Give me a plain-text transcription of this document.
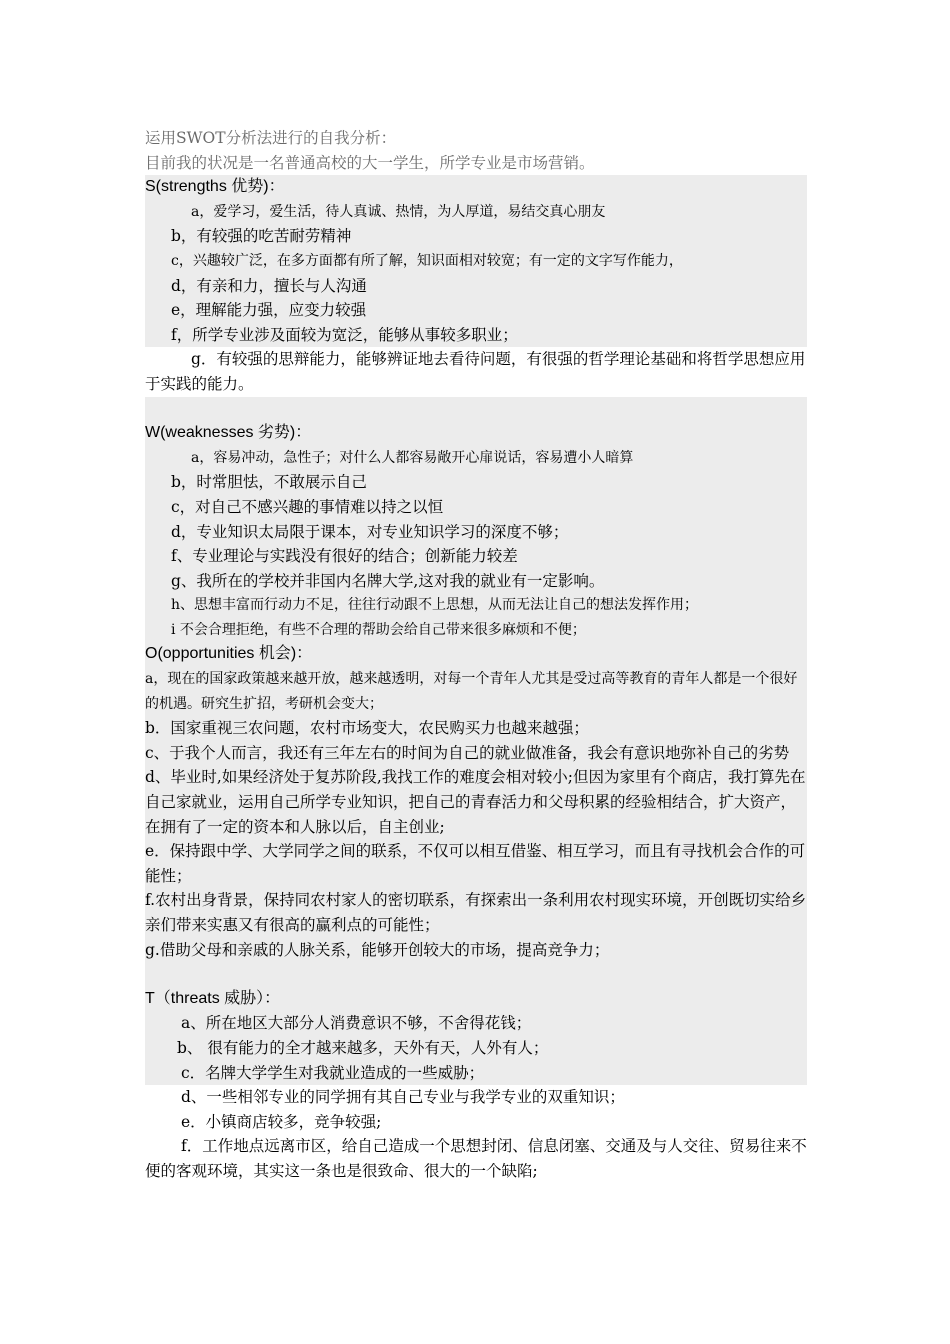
运用SWOT分析法进行的自我分析：
目前我的状况是一名普通高校的大一学生，所学专业是市场营销。
S(strengths 优势)：
a，爱学习，爱生活，待人真诚、热情，为人厚道，易结交真心朋友
b，有较强的吃苦耐劳精神
c，兴趣较广泛，在多方面都有所了解，知识面相对较宽；有一定的文字写作能力，
d，有亲和力，擅长与人沟通
e，理解能力强，应变力较强
f，所学专业涉及面较为宽泛，能够从事较多职业；
g．有较强的思辩能力，能够辨证地去看待问题，有很强的哲学理论基础和将哲学思想应用于实践的能力。
W(weaknesses 劣势)：
a，容易冲动，急性子；对什么人都容易敞开心扉说话，容易遭小人暗算
b，时常胆怯，不敢展示自己
c，对自己不感兴趣的事情难以持之以恒
d，专业知识太局限于课本，对专业知识学习的深度不够；
f、专业理论与实践没有很好的结合；创新能力较差
g、我所在的学校并非国内名牌大学,这对我的就业有一定影响。
h、思想丰富而行动力不足，往往行动跟不上思想，从而无法让自己的想法发挥作用；
i 不会合理拒绝，有些不合理的帮助会给自己带来很多麻烦和不便；
O(opportunities 机会)：
a，现在的国家政策越来越开放，越来越透明，对每一个青年人尤其是受过高等教育的青年人都是一个很好的机遇。研究生扩招，考研机会变大；
b．国家重视三农问题，农村市场变大，农民购买力也越来越强；
c、于我个人而言，我还有三年左右的时间为自己的就业做准备，我会有意识地弥补自己的劣势
d、毕业时,如果经济处于复苏阶段,我找工作的难度会相对较小;但因为家里有个商店，我打算先在自己家就业，运用自己所学专业知识，把自己的青春活力和父母积累的经验相结合，扩大资产，在拥有了一定的资本和人脉以后，自主创业;
e．保持跟中学、大学同学之间的联系，不仅可以相互借鉴、相互学习，而且有寻找机会合作的可能性；
f.农村出身背景，保持同农村家人的密切联系，有探索出一条利用农村现实环境，开创既切实给乡亲们带来实惠又有很高的赢利点的可能性；
g.借助父母和亲戚的人脉关系，能够开创较大的市场，提高竞争力；
T（threats 威胁）：
a、所在地区大部分人消费意识不够，不舍得花钱；
b、 很有能力的全才越来越多，天外有天，人外有人；
c．名牌大学学生对我就业造成的一些威胁；
d、一些相邻专业的同学拥有其自己专业与我学专业的双重知识；
e．小镇商店较多，竞争较强;
f．工作地点远离市区，给自己造成一个思想封闭、信息闭塞、交通及与人交往、贸易往来不便的客观环境，其实这一条也是很致命、很大的一个缺陷;
